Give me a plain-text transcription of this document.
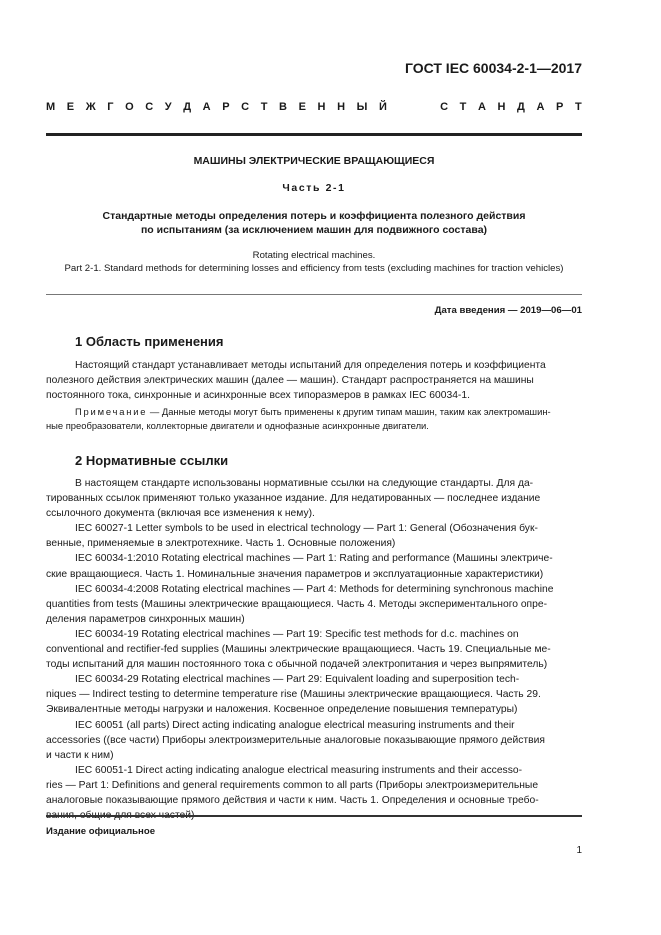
ГОСТ IEC 60034-2-1—2017
М Е Ж Г О С У Д А Р С Т В Е Н Н Ы Й	С Т А Н Д А Р Т
МАШИНЫ ЭЛЕКТРИЧЕСКИЕ ВРАЩАЮЩИЕСЯ
Часть 2-1
Стандартные методы определения потерь и коэффициента полезного действия
по испытаниям (за исключением машин для подвижного состава)
Rotating electrical machines.
Part 2-1. Standard methods for determining losses and efficiency from tests (excluding machines for traction vehicles)
Дата введения — 2019—06—01
1 Область применения
Настоящий стандарт устанавливает методы испытаний для определения потерь и коэффициента
полезного действия электрических машин (далее — машин). Стандарт распространяется на машины
постоянного тока, синхронные и асинхронные всех типоразмеров в рамках IEC 60034-1.
Примечание — Данные методы могут быть применены к другим типам машин, таким как электромашин-
ные преобразователи, коллекторные двигатели и однофазные асинхронные двигатели.
2 Нормативные ссылки
В настоящем стандарте использованы нормативные ссылки на следующие стандарты. Для да-
тированных ссылок применяют только указанное издание. Для недатированных — последнее издание
ссылочного документа (включая все изменения к нему).
IEC 60027-1 Letter symbols to be used in electrical technology — Part 1: General (Обозначения бук-
венные, применяемые в электротехнике. Часть 1. Основные положения)
IEC 60034-1:2010 Rotating electrical machines — Part 1: Rating and performance (Машины электриче-
ские вращающиеся. Часть 1. Номинальные значения параметров и эксплуатационные характеристики)
IEC 60034-4:2008 Rotating electrical machines — Part 4: Methods for determining synchronous machine
quantities from tests (Машины электрические вращающиеся. Часть 4. Методы экспериментального опре-
деления параметров синхронных машин)
IEC 60034-19 Rotating electrical machines — Part 19: Specific test methods for d.c. machines on
conventional and rectifier-fed supplies (Машины электрические вращающиеся. Часть 19. Специальные ме-
тоды испытаний для машин постоянного тока с обычной подачей электропитания и через выпрямитель)
IEC 60034-29 Rotating electrical machines — Part 29: Equivalent loading and superposition tech-
niques — Indirect testing to determine temperature rise (Машины электрические вращающиеся. Часть 29.
Эквивалентные методы нагрузки и наложения. Косвенное определение повышения температуры)
IEC 60051 (all parts) Direct acting indicating analogue electrical measuring instruments and their
accessories ((все части) Приборы электроизмерительные аналоговые показывающие прямого действия
и части к ним)
IEC 60051-1 Direct acting indicating analogue electrical measuring instruments and their accesso-
ries — Part 1: Definitions and general requirements common to all parts (Приборы электроизмерительные
аналоговые показывающие прямого действия и части к ним. Часть 1. Определения и основные требо-
Издание официальное
1
